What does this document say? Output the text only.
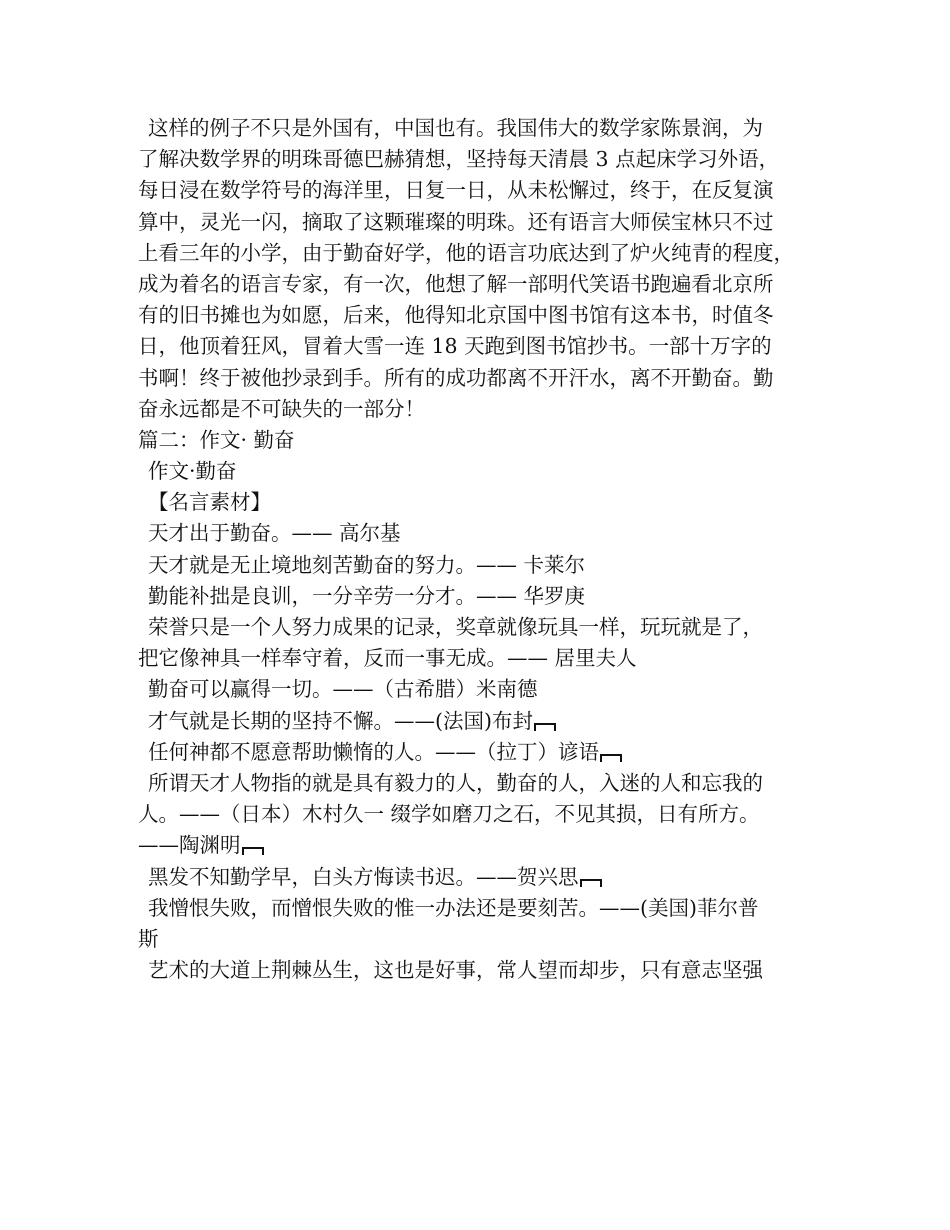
这样的例子不只是外国有，中国也有。我国伟大的数学家陈景润，为
了解决数学界的明珠哥德巴赫猜想，坚持每天清晨 3 点起床学习外语，
每日浸在数学符号的海洋里，日复一日，从未松懈过，终于，在反复演
算中，灵光一闪，摘取了这颗璀璨的明珠。还有语言大师侯宝林只不过
上看三年的小学，由于勤奋好学，他的语言功底达到了炉火纯青的程度，
成为着名的语言专家，有一次，他想了解一部明代笑语书跑遍看北京所
有的旧书摊也为如愿，后来，他得知北京国中图书馆有这本书，时值冬
日，他顶着狂风，冒着大雪一连 18 天跑到图书馆抄书。一部十万字的
书啊！终于被他抄录到手。所有的成功都离不开汗水，离不开勤奋。勤
奋永远都是不可缺失的一部分！
篇二：作文· 勤奋
作文·勤奋
【名言素材】
天才出于勤奋。—— 高尔基
天才就是无止境地刻苦勤奋的努力。—— 卡莱尔
勤能补拙是良训，一分辛劳一分才。—— 华罗庚
荣誉只是一个人努力成果的记录，奖章就像玩具一样，玩玩就是了，
把它像神具一样奉守着，反而一事无成。—— 居里夫人
勤奋可以赢得一切。——（古希腊）米南德
才气就是长期的坚持不懈。——(法国)布封
任何神都不愿意帮助懒惰的人。——（拉丁）谚语
所谓天才人物指的就是具有毅力的人，勤奋的人，入迷的人和忘我的
人。——（日本）木村久一 缀学如磨刀之石，不见其损，日有所方。
——陶渊明
黑发不知勤学早，白头方悔读书迟。——贺兴思
我憎恨失败，而憎恨失败的惟一办法还是要刻苦。——(美国)菲尔普
斯
艺术的大道上荆棘丛生，这也是好事，常人望而却步，只有意志坚强
